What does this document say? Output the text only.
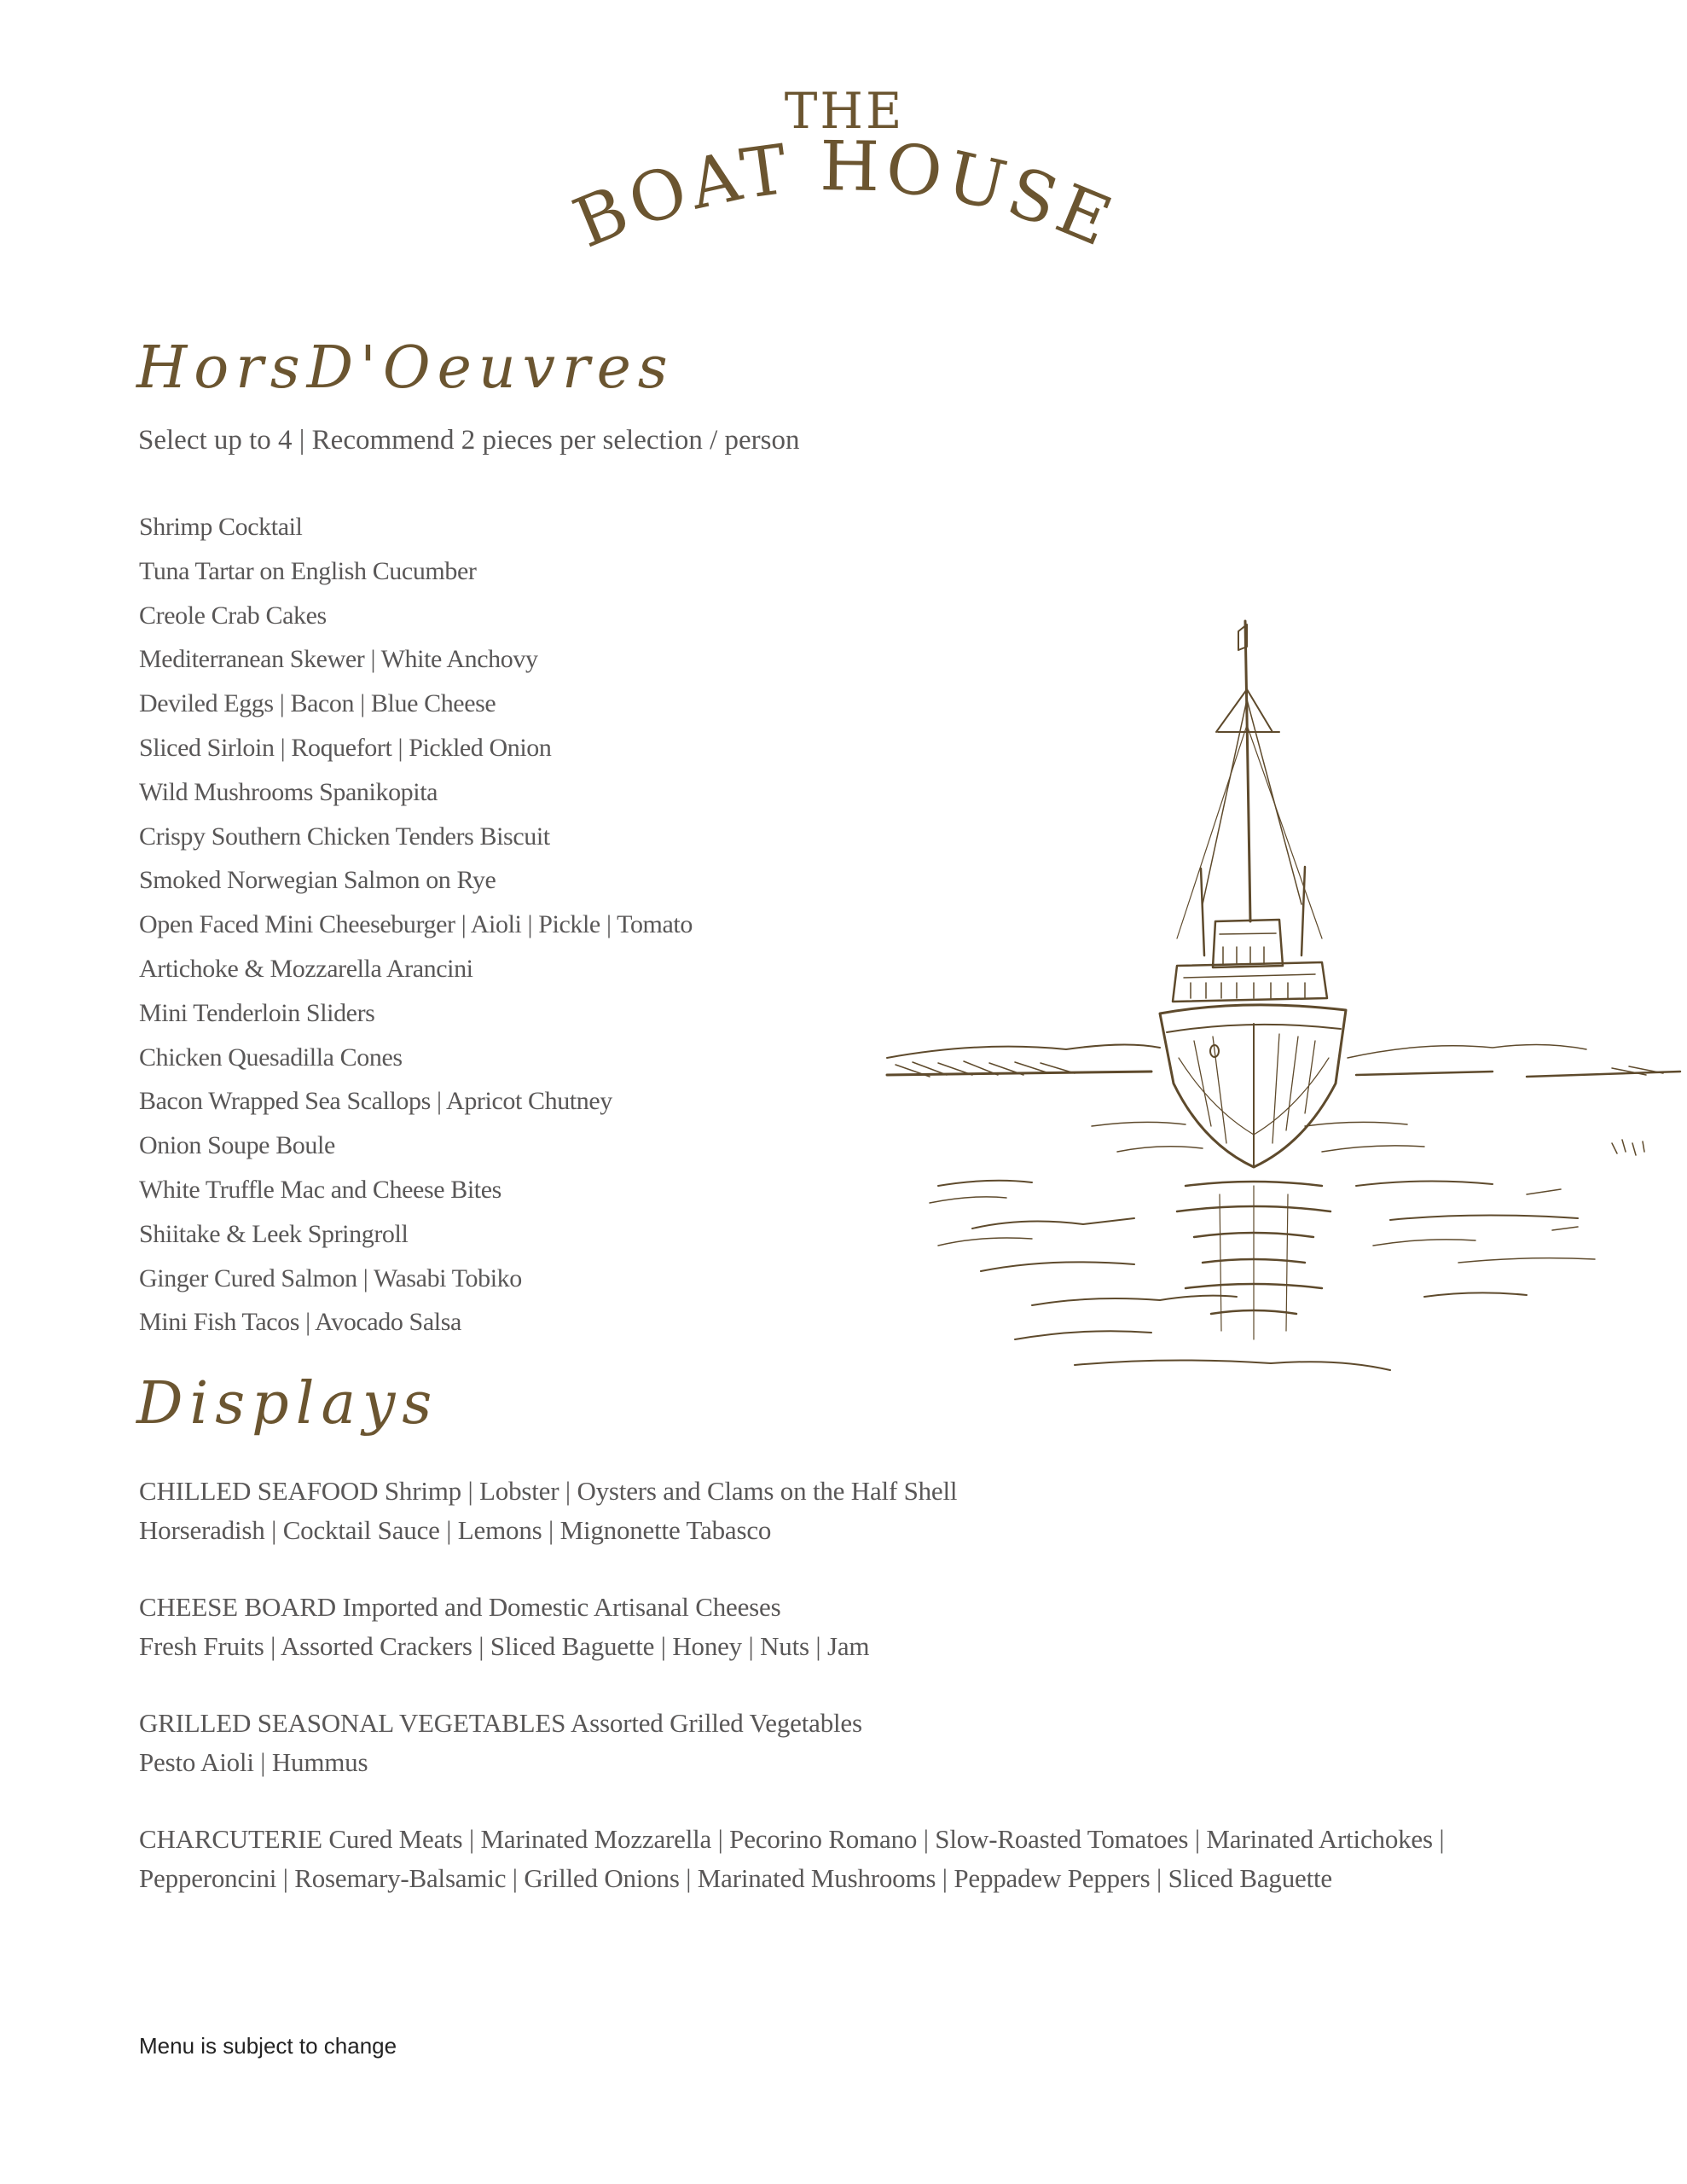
THE
BOAT HOUSE
HorsD'Oeuvres
Select up to 4 | Recommend 2 pieces per selection / person
Shrimp Cocktail
Tuna Tartar on English Cucumber
Creole Crab Cakes
Mediterranean Skewer | White Anchovy
Deviled Eggs | Bacon | Blue Cheese
Sliced Sirloin | Roquefort | Pickled Onion
Wild Mushrooms Spanikopita
Crispy Southern Chicken Tenders Biscuit
Smoked Norwegian Salmon on Rye
Open Faced Mini Cheeseburger | Aioli | Pickle | Tomato
Artichoke & Mozzarella Arancini
Mini Tenderloin Sliders
Chicken Quesadilla Cones
Bacon Wrapped Sea Scallops | Apricot Chutney
Onion Soupe Boule
White Truffle Mac and Cheese Bites
Shiitake & Leek Springroll
Ginger Cured Salmon | Wasabi Tobiko
Mini Fish Tacos | Avocado Salsa
Displays
CHILLED SEAFOOD Shrimp | Lobster | Oysters and Clams on the Half Shell
Horseradish | Cocktail Sauce | Lemons | Mignonette Tabasco
CHEESE BOARD Imported and Domestic Artisanal Cheeses
Fresh Fruits | Assorted Crackers | Sliced Baguette | Honey | Nuts | Jam
GRILLED SEASONAL VEGETABLES Assorted Grilled Vegetables
Pesto Aioli | Hummus
CHARCUTERIE Cured Meats | Marinated Mozzarella | Pecorino Romano | Slow-Roasted Tomatoes | Marinated Artichokes |
Pepperoncini | Rosemary-Balsamic | Grilled Onions | Marinated Mushrooms | Peppadew Peppers | Sliced Baguette
Menu is subject to change
